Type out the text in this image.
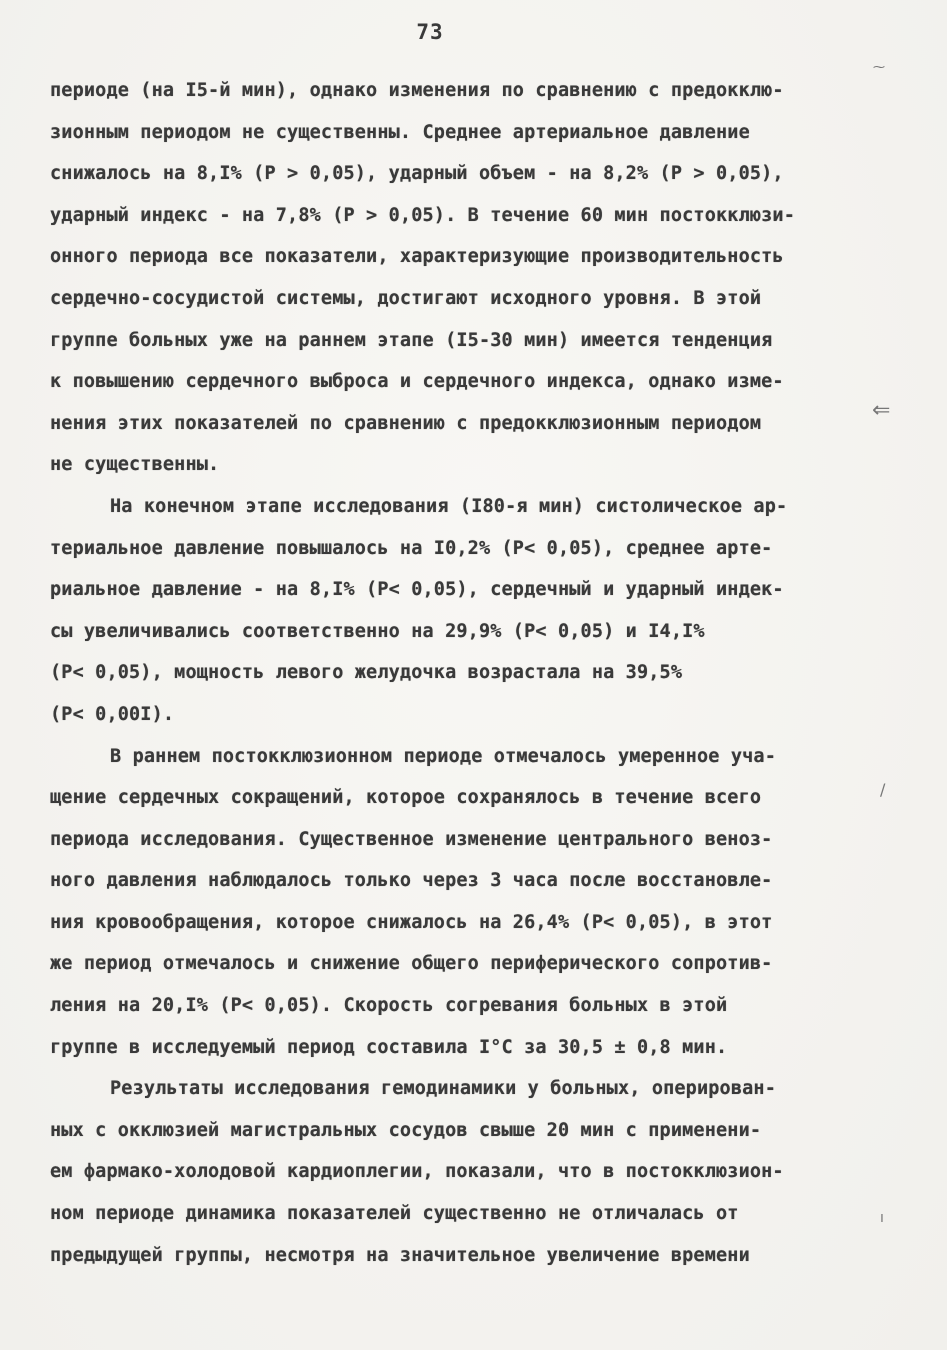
73
периоде (на I5-й мин), однако изменения по сравнению с предокклю-
зионным периодом не существенны. Среднее артериальное давление
снижалось на 8,I% (Р > 0,05), ударный объем - на 8,2% (Р > 0,05),
ударный индекс - на 7,8% (Р > 0,05). В течение 60 мин постокклюзи-
онного периода все показатели, характеризующие производительность
сердечно-сосудистой системы, достигают исходного уровня. В этой
группе больных уже на раннем этапе (I5-30 мин) имеется тенденция
к повышению сердечного выброса и сердечного индекса, однако изме-
нения этих показателей по сравнению с предокклюзионным периодом
не существенны.
На конечном этапе исследования (I80-я мин) систолическое ар-
териальное давление повышалось на I0,2% (Р< 0,05), среднее арте-
риальное давление - на 8,I% (Р< 0,05), сердечный и ударный индек-
сы увеличивались соответственно на 29,9% (Р< 0,05) и I4,I%
(Р< 0,05), мощность левого желудочка возрастала на 39,5%
(Р< 0,00I).
В раннем постокклюзионном периоде отмечалось умеренное уча-
щение сердечных сокращений, которое сохранялось в течение всего
периода исследования. Существенное изменение центрального веноз-
ного давления наблюдалось только через 3 часа после восстановле-
ния кровообращения, которое снижалось на 26,4% (Р< 0,05), в этот
же период отмечалось и снижение общего периферического сопротив-
ления на 20,I% (Р< 0,05). Скорость согревания больных в этой
группе в исследуемый период составила I°С за 30,5 ± 0,8 мин.
Результаты исследования гемодинамики у больных, оперирован-
ных с окклюзией магистральных сосудов свыше 20 мин с применени-
ем фармако-холодовой кардиоплегии, показали, что в постокклюзион-
ном периоде динамика показателей существенно не отличалась от
предыдущей группы, несмотря на значительное увеличение времени
⁓
⇐
/
ı
